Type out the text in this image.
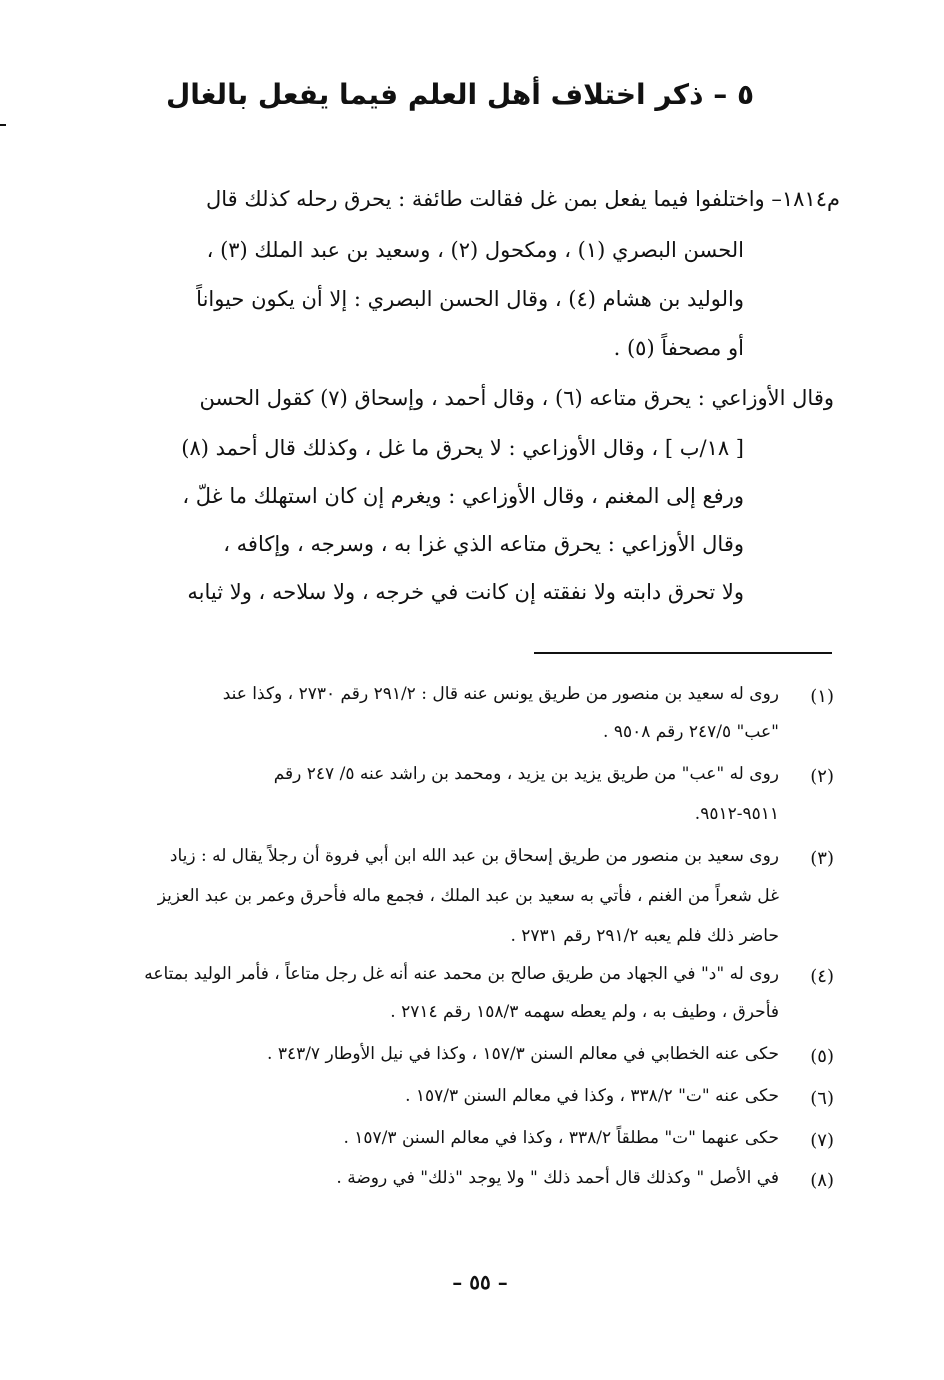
٥ – ذكر اختلاف أهل العلم فيما يفعل بالغال
م١٨١٤– واختلفوا فيما يفعل بمن غل فقالت طائفة : يحرق رحله كذلك قال
الحسن البصري (١) ، ومكحول (٢) ، وسعيد بن عبد الملك (٣) ،
والوليد بن هشام (٤) ، وقال الحسن البصري : إلا أن يكون حيواناً
أو مصحفاً (٥) .
وقال الأوزاعي : يحرق متاعه (٦) ، وقال أحمد ، وإسحاق (٧) كقول الحسن
[ ١٨/ب ] ، وقال الأوزاعي : لا يحرق ما غل ، وكذلك قال أحمد (٨)
ورفع إلى المغنم ، وقال الأوزاعي : ويغرم إن كان استهلك ما غلّ ،
وقال الأوزاعي : يحرق متاعه الذي غزا به ، وسرجه ، وإكافه ،
ولا تحرق دابته ولا نفقته إن كانت في خرجه ، ولا سلاحه ، ولا ثيابه
(١)
روى له سعيد بن منصور من طريق يونس عنه قال : ٢٩١/٢ رقم ٢٧٣٠ ، وكذا عند
"عب" ٢٤٧/٥ رقم ٩٥٠٨ .
(٢)
روى له "عب" من طريق يزيد بن يزيد ، ومحمد بن راشد عنه ٥/ ٢٤٧ رقم
٩٥١١-٩٥١٢.
(٣)
روى سعيد بن منصور من طريق إسحاق بن عبد الله ابن أبي فروة أن رجلاً يقال له : زياد
غل شعراً من الغنم ، فأتي به سعيد بن عبد الملك ، فجمع ماله فأحرق وعمر بن عبد العزيز
حاضر ذلك فلم يعبه ٢٩١/٢ رقم ٢٧٣١ .
(٤)
روى له "د" في الجهاد من طريق صالح بن محمد عنه أنه غل رجل متاعاً ، فأمر الوليد بمتاعه
فأحرق ، وطيف به ، ولم يعطه سهمه ١٥٨/٣ رقم ٢٧١٤ .
(٥)
حكى عنه الخطابي في معالم السنن ١٥٧/٣ ، وكذا في نيل الأوطار ٣٤٣/٧ .
(٦)
حكى عنه "ت" ٣٣٨/٢ ، وكذا في معالم السنن ١٥٧/٣ .
(٧)
حكى عنهما "ت" مطلقاً ٣٣٨/٢ ، وكذا في معالم السنن ١٥٧/٣ .
(٨)
في الأصل " وكذلك قال أحمد ذلك " ولا يوجد "ذلك" في روضة .
– ٥٥ –
